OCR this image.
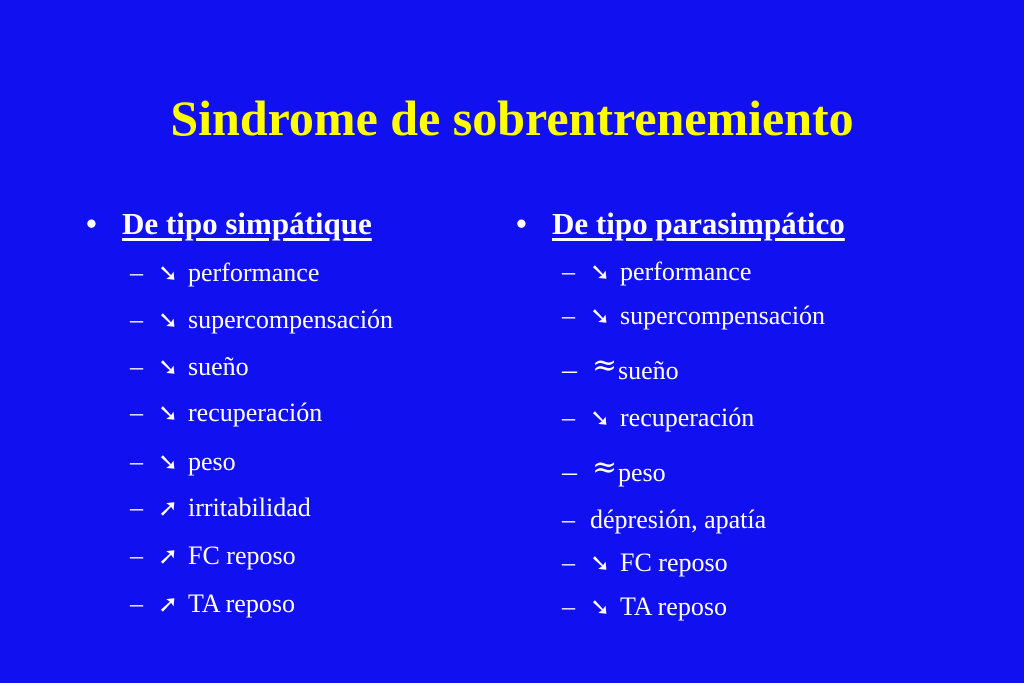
Sindrome de sobrentrenemiento
• De tipo simpátique
– ➘ performance
– ➘ supercompensación
– ➘ sueño
– ➘ recuperación
– ➘ peso
– ➚ irritabilidad
– ➚ FC reposo
– ➚ TA reposo
• De tipo parasimpático
– ➘ performance
– ➘ supercompensación
– ≈sueño
– ➘ recuperación
– ≈peso
– dépresión, apatía
– ➘ FC reposo
– ➘ TA reposo
